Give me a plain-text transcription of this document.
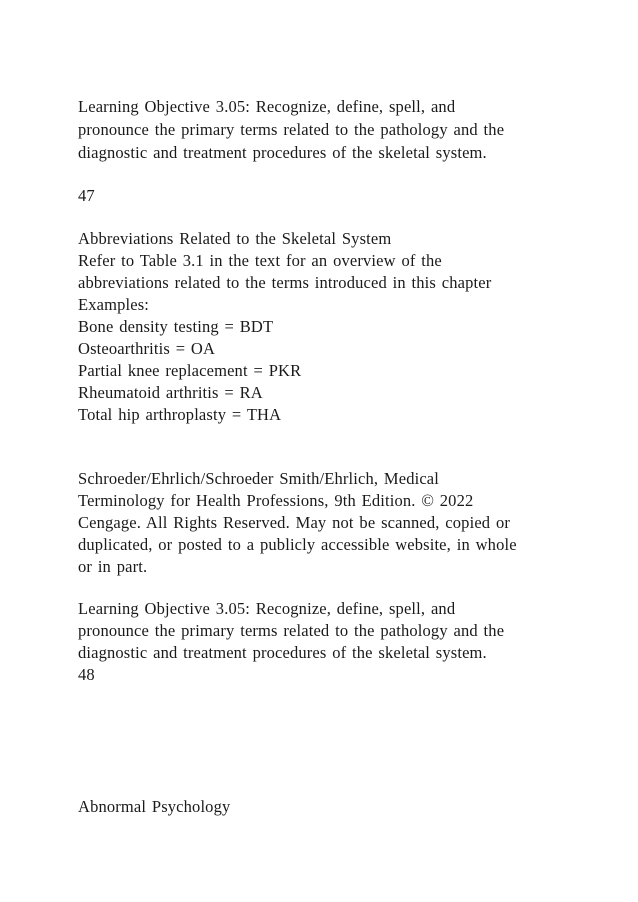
Learning Objective 3.05: Recognize, define, spell, and
pronounce the primary terms related to the pathology and the
diagnostic and treatment procedures of the skeletal system.
47
Abbreviations Related to the Skeletal System
Refer to Table 3.1 in the text for an overview of the
abbreviations related to the terms introduced in this chapter
Examples:
Bone density testing = BDT
Osteoarthritis = OA
Partial knee replacement = PKR
Rheumatoid arthritis = RA
Total hip arthroplasty = THA
Schroeder/Ehrlich/Schroeder Smith/Ehrlich, Medical
Terminology for Health Professions, 9th Edition. © 2022
Cengage. All Rights Reserved. May not be scanned, copied or
duplicated, or posted to a publicly accessible website, in whole
or in part.
Learning Objective 3.05: Recognize, define, spell, and
pronounce the primary terms related to the pathology and the
diagnostic and treatment procedures of the skeletal system.
48
Abnormal Psychology
